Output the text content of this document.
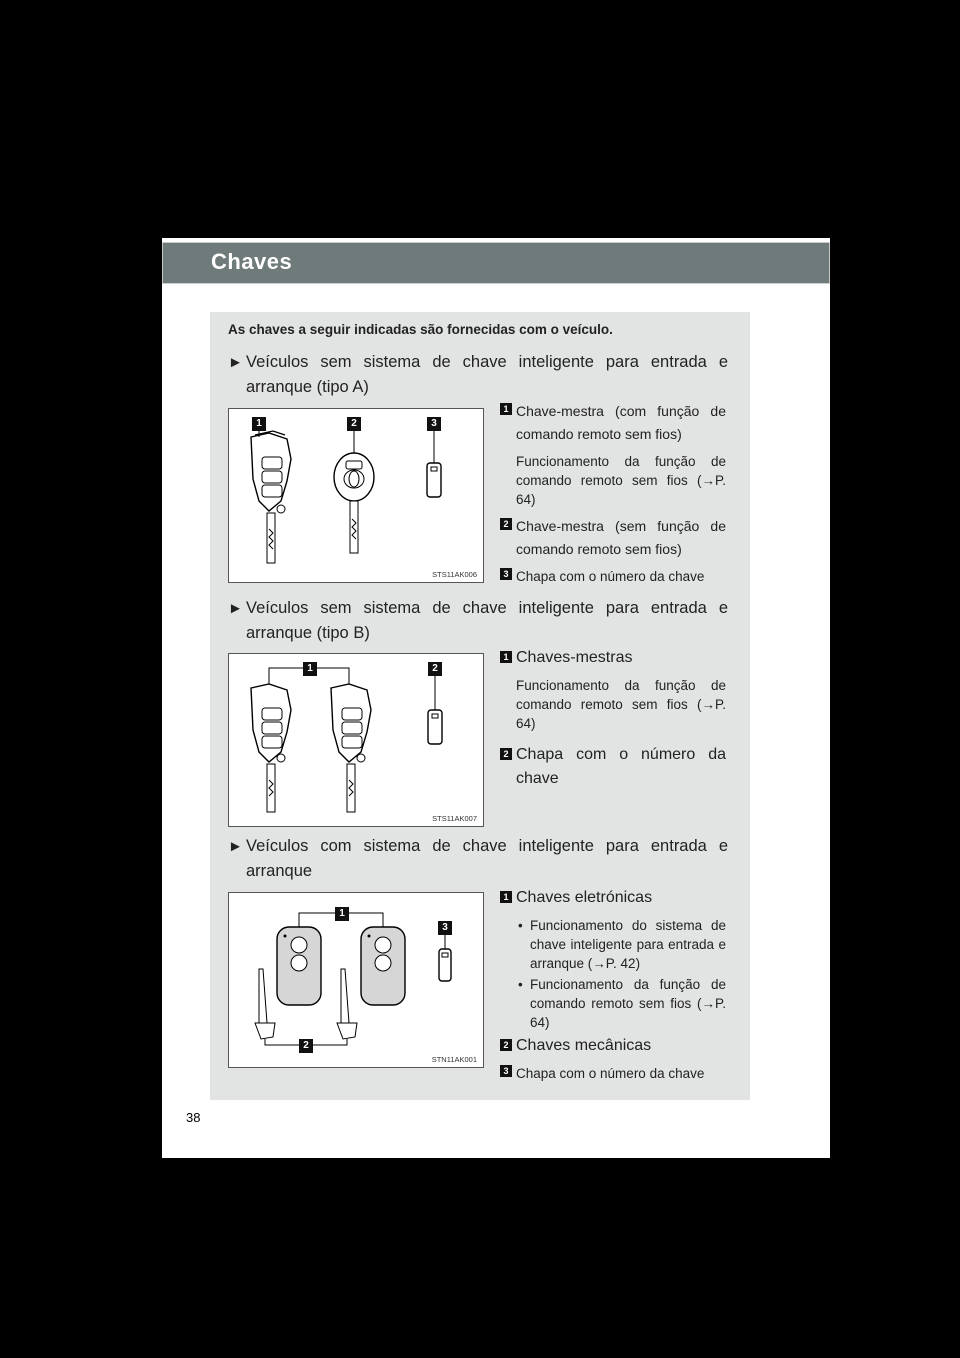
Chaves
As chaves a seguir indicadas são fornecidas com o veículo.
► Veículos sem sistema de chave inteligente para entrada e
arranque (tipo A)
1	2	3
STS11AK006
1 Chave-mestra (com função de comando remoto sem fios)
Funcionamento da função de comando remoto sem fios (→P. 64)
2 Chave-mestra (sem função de comando remoto sem fios)
3 Chapa com o número da chave
► Veículos sem sistema de chave inteligente para entrada e
arranque (tipo B)
1	2
STS11AK007
1 Chaves-mestras
Funcionamento da função de comando remoto sem fios (→P. 64)
2 Chapa com o número da chave
► Veículos com sistema de chave inteligente para entrada e
arranque
1
2
3
STN11AK001
1 Chaves eletrónicas
• Funcionamento do sistema de chave inteligente para entrada e arranque (→P. 42)
• Funcionamento da função de comando remoto sem fios (→P. 64)
2 Chaves mecânicas
3 Chapa com o número da chave
38
